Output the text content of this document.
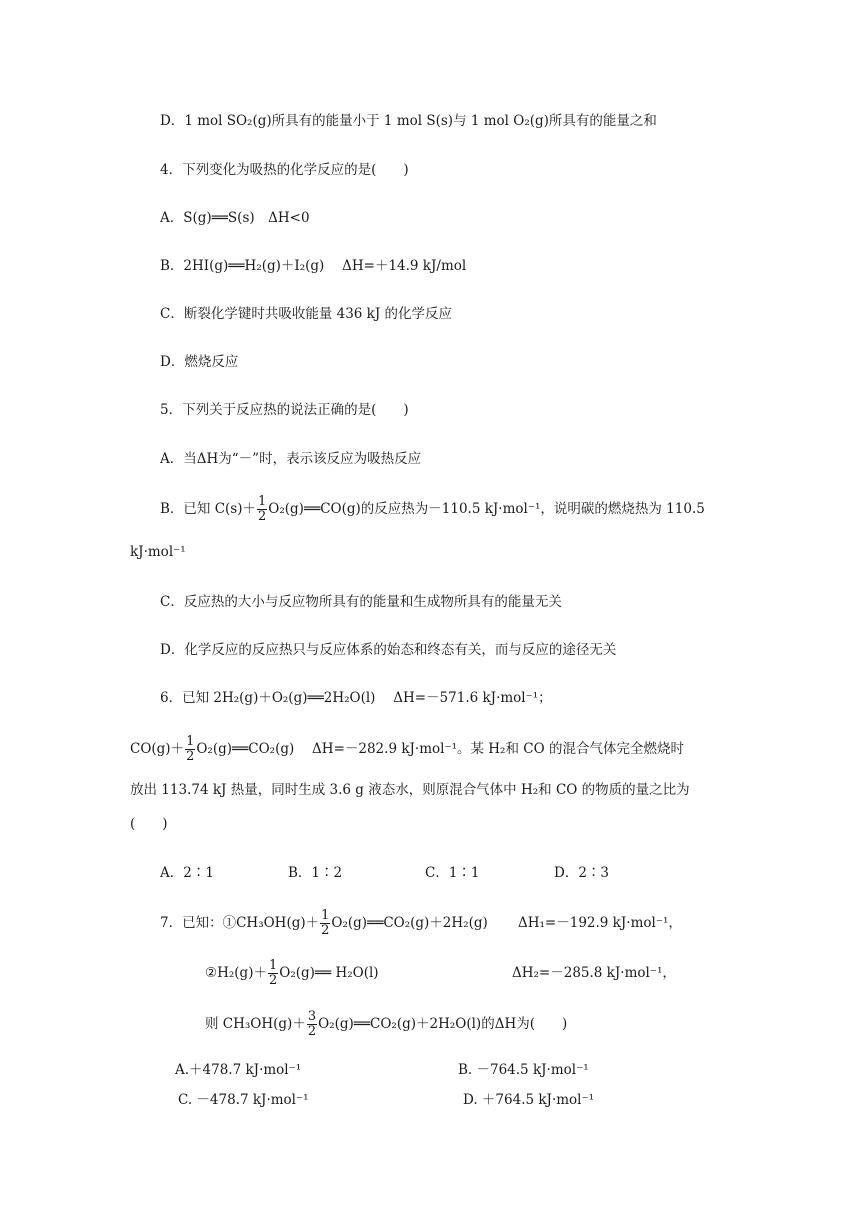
D．1 mol SO₂(g)所具有的能量小于 1 mol S(s)与 1 mol O₂(g)所具有的能量之和
4．下列变化为吸热的化学反应的是(　　)
A．S(g)══S(s)　ΔH<0
B．2HI(g)══H₂(g)＋I₂(g)　 ΔH=＋14.9 kJ/mol
C．断裂化学键时共吸收能量 436 kJ 的化学反应
D．燃烧反应
5．下列关于反应热的说法正确的是(　　)
A．当ΔH为“－”时，表示该反应为吸热反应
B．已知 $C(s)+ \frac{1}{2}$ O₂(g)══CO(g)的反应热为－110.5 kJ·mol⁻¹，说明碳的燃烧热为 110.5
kJ·mol⁻¹
C．反应热的大小与反应物所具有的能量和生成物所具有的能量无关
D．化学反应的反应热只与反应体系的始态和终态有关，而与反应的途径无关
6．已知 2H₂(g)＋O₂(g)══2H₂O(l)　 ΔH=－571.6 kJ·mol⁻¹；
$CO(g)+ \frac{1}{2}$ O₂(g)══CO₂(g)　 ΔH=－282.9 kJ·mol⁻¹。某 H₂和 CO 的混合气体完全燃烧时
放出 113.74 kJ 热量，同时生成 3.6 g 液态水，则原混合气体中 H₂和 CO 的物质的量之比为
(　　)
A．2∶1	B．1∶2	C．1∶1	D．2∶3
7．已知：①CH₃OH(g)＋ $\frac{1}{2}$ O₂(g)══CO₂(g)＋2H₂(g) ΔH₁=－192.9 kJ·mol⁻¹，
②H₂(g)＋ $\frac{1}{2}$ O₂(g)══ H₂O(l)	ΔH₂=－285.8 kJ·mol⁻¹，
则 $CH_3OH(g)+ \frac{3}{2}$ O₂(g)══CO₂(g)＋2H₂O(l)的ΔH为(　　)
A.＋478.7 kJ·mol⁻¹	B. －764.5 kJ·mol⁻¹
C. －478.7 kJ·mol⁻¹	D. ＋764.5 kJ·mol⁻¹
